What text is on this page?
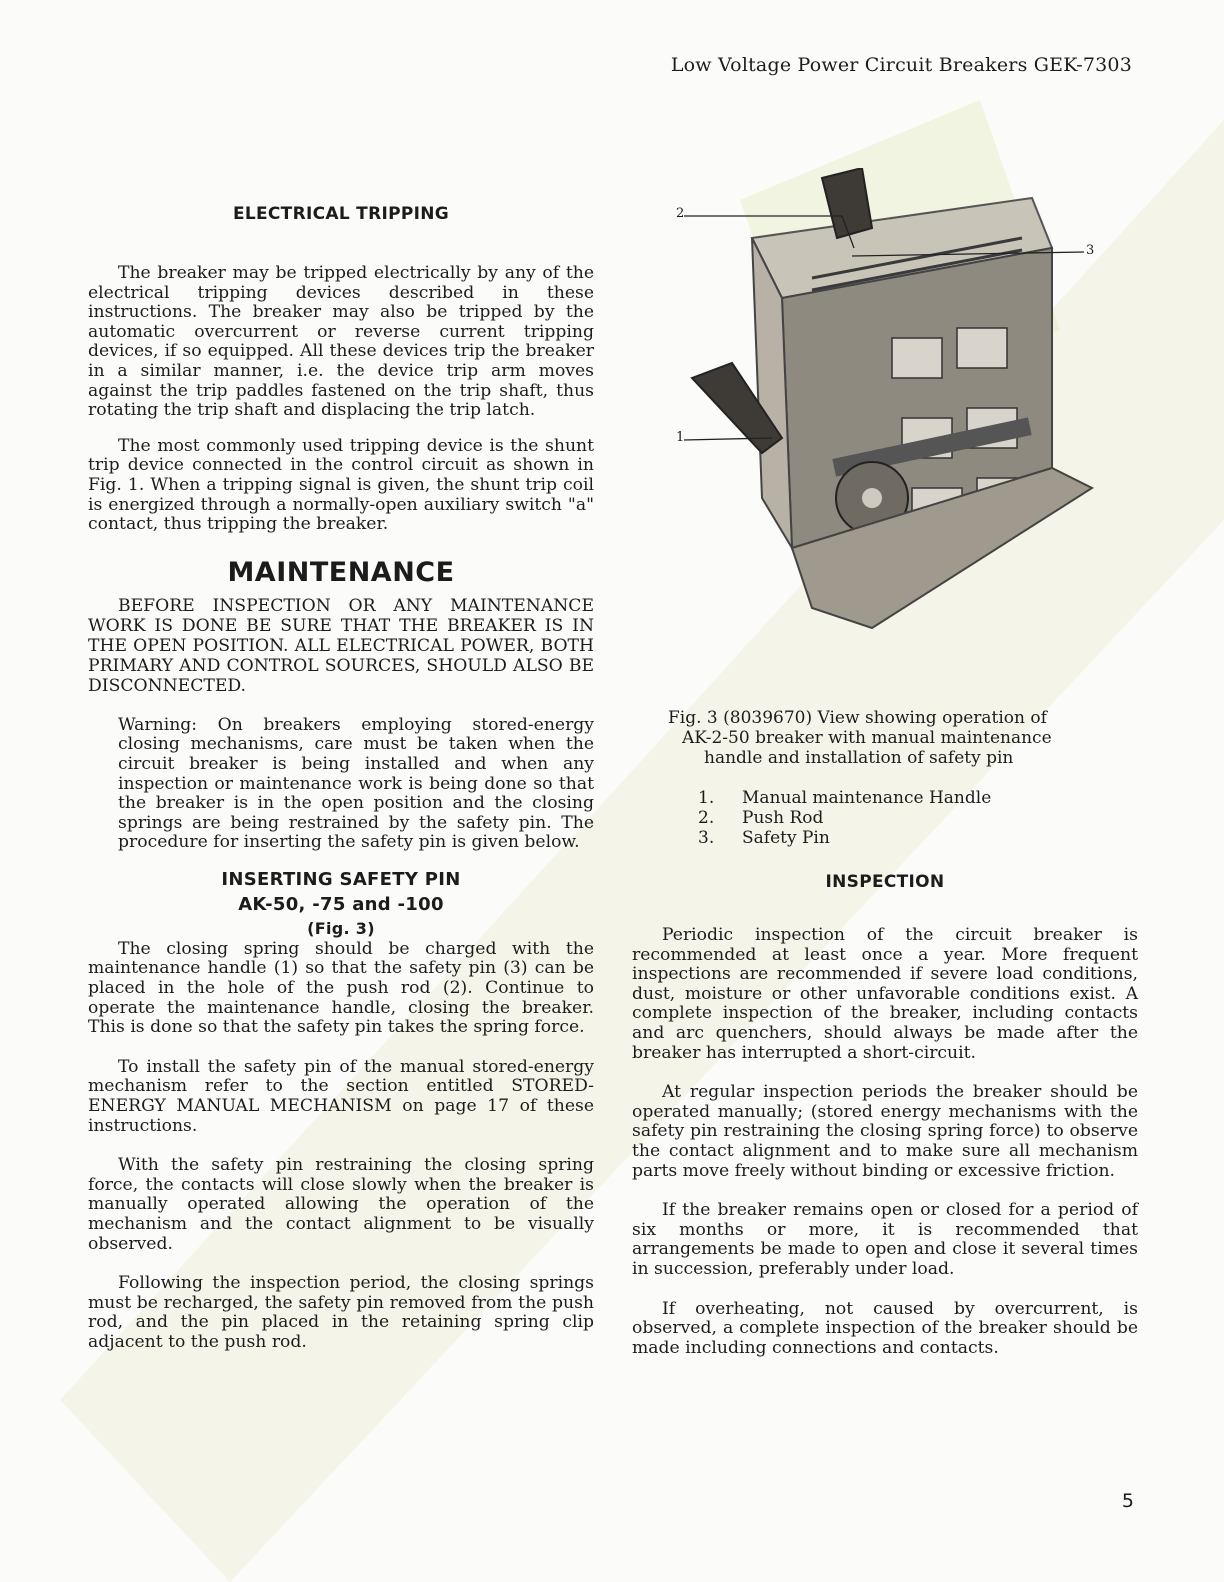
Low Voltage Power Circuit Breakers GEK-7303
ELECTRICAL TRIPPING

The breaker may be tripped electrically by any of the electrical tripping devices described in these instructions. The breaker may also be tripped by the automatic overcurrent or reverse current tripping devices, if so equipped. All these devices trip the breaker in a similar manner, i.e. the device trip arm moves against the trip paddles fastened on the trip shaft, thus rotating the trip shaft and displacing the trip latch.

The most commonly used tripping device is the shunt trip device connected in the control circuit as shown in Fig. 1. When a tripping signal is given, the shunt trip coil is energized through a normally-open auxiliary switch "a" contact, thus tripping the breaker.

MAINTENANCE

BEFORE INSPECTION OR ANY MAINTENANCE WORK IS DONE BE SURE THAT THE BREAKER IS IN THE OPEN POSITION. ALL ELECTRICAL POWER, BOTH PRIMARY AND CONTROL SOURCES, SHOULD ALSO BE DISCONNECTED.

Warning: On breakers employing stored-energy closing mechanisms, care must be taken when the circuit breaker is being installed and when any inspection or maintenance work is being done so that the breaker is in the open position and the closing springs are being restrained by the safety pin. The procedure for inserting the safety pin is given below.

INSERTING SAFETY PIN
AK-50, -75 and -100
(Fig. 3)

The closing spring should be charged with the maintenance handle (1) so that the safety pin (3) can be placed in the hole of the push rod (2). Continue to operate the maintenance handle, closing the breaker. This is done so that the safety pin takes the spring force.

To install the safety pin of the manual stored-energy mechanism refer to the section entitled STORED-ENERGY MANUAL MECHANISM on page 17 of these instructions.

With the safety pin restraining the closing spring force, the contacts will close slowly when the breaker is manually operated allowing the operation of the mechanism and the contact alignment to be visually observed.

Following the inspection period, the closing springs must be recharged, the safety pin removed from the push rod, and the pin placed in the retaining spring clip adjacent to the push rod.

2
3
1
Fig. 3 (8039670) View showing operation of
AK-2-50 breaker with manual maintenance
handle and installation of safety pin
1.	Manual maintenance Handle
2.	Push Rod
3.	Safety Pin
INSPECTION

Periodic inspection of the circuit breaker is recommended at least once a year. More frequent inspections are recommended if severe load conditions, dust, moisture or other unfavorable conditions exist. A complete inspection of the breaker, including contacts and arc quenchers, should always be made after the breaker has interrupted a short-circuit.

At regular inspection periods the breaker should be operated manually; (stored energy mechanisms with the safety pin restraining the closing spring force) to observe the contact alignment and to make sure all mechanism parts move freely without binding or excessive friction.

If the breaker remains open or closed for a period of six months or more, it is recommended that arrangements be made to open and close it several times in succession, preferably under load.

If overheating, not caused by overcurrent, is observed, a complete inspection of the breaker should be made including connections and contacts.

5
